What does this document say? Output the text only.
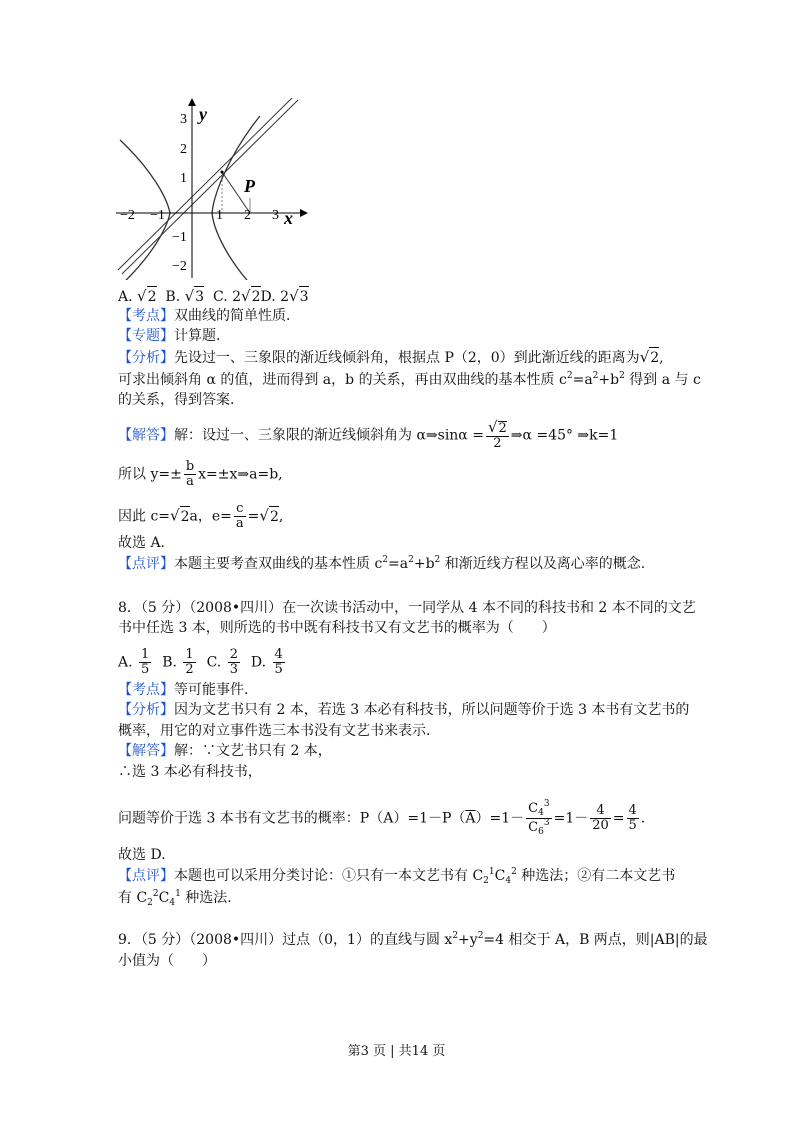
y
x
P
3
2
1
−1
−2
−2 −1	1 2 3
A. √2 B. √3 C. 2√2D. 2√3
【考点】双曲线的简单性质.
【专题】计算题.
【分析】先设过一、三象限的渐近线倾斜角，根据点 P（2，0）到此渐近线的距离为√2,
可求出倾斜角 α 的值，进而得到 a，b 的关系，再由双曲线的基本性质 $c^2=a^2+b^2$ 得到 a 与 c
的关系，得到答案.
【解答】解：设过一、三象限的渐近线倾斜角为 α⇒sinα = $\frac{√2}{2}$ ⇒α =45° ⇒k=1
所以 $y=\pm \frac{b}{a}$ x=±x⇒a=b,
因此 c=√2a，$e= \frac{c}{a} =√2$,
故选 A.
【点评】本题主要考查双曲线的基本性质 $c^2=a^2+b^2$ 和渐近线方程以及离心率的概念.
8．（5 分）（2008•四川）在一次读书活动中，一同学从 4 本不同的科技书和 2 本不同的文艺
书中任选 3 本，则所选的书中既有科技书又有文艺书的概率为（　　）
A. $\frac{1}{5} B$. $\frac{1}{2} C$. $\frac{2}{3} D$. $\frac{4}{5}$
【考点】等可能事件.
【分析】因为文艺书只有 2 本，若选 3 本必有科技书，所以问题等价于选 3 本书有文艺书的
概率，用它的对立事件选三本书没有文艺书来表示.
【解答】解：∵文艺书只有 2 本，
∴选 3 本必有科技书，
问题等价于选 3 本书有文艺书的概率：$P(A)=1-P(\overline{A})=1- \frac{C_4^3}{C_6^3} =1- \frac{4}{20} = \frac{4}{5}$ .
故选 D.
【点评】本题也可以采用分类讨论：①只有一本文艺书有 $C_2^1C_4^2$ 种选法；②有二本文艺书
有 $C_2^2C_4^1$ 种选法.
9．（5 分）（2008•四川）过点（0，1）的直线与圆 $x^2+y^2=4$ 相交于 A，B 两点，则|AB|的最
小值为（　　）
第3 页 | 共14 页
